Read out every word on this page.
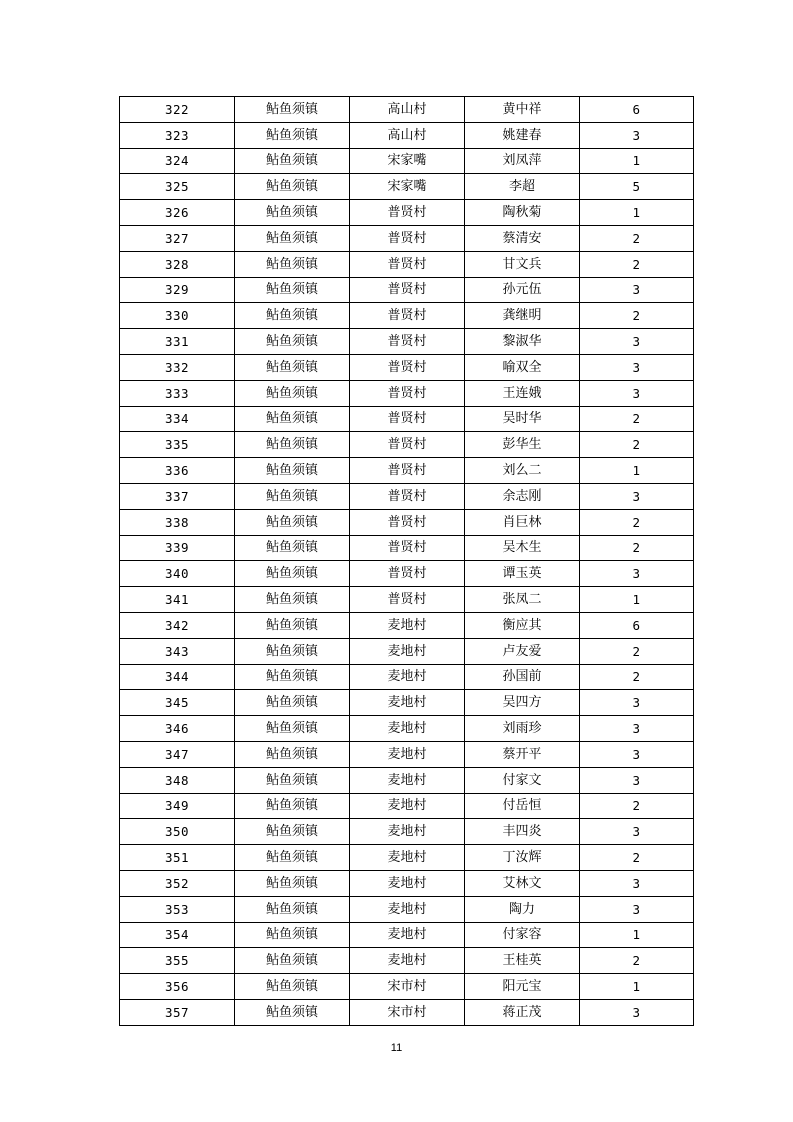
322	鲇鱼须镇	高山村	黄中祥	6
323	鲇鱼须镇	高山村	姚建春	3
324	鲇鱼须镇	宋家嘴	刘凤萍	1
325	鲇鱼须镇	宋家嘴	李超	5
326	鲇鱼须镇	普贤村	陶秋菊	1
327	鲇鱼须镇	普贤村	蔡清安	2
328	鲇鱼须镇	普贤村	甘文兵	2
329	鲇鱼须镇	普贤村	孙元伍	3
330	鲇鱼须镇	普贤村	龚继明	2
331	鲇鱼须镇	普贤村	黎淑华	3
332	鲇鱼须镇	普贤村	喻双全	3
333	鲇鱼须镇	普贤村	王连娥	3
334	鲇鱼须镇	普贤村	吴时华	2
335	鲇鱼须镇	普贤村	彭华生	2
336	鲇鱼须镇	普贤村	刘么二	1
337	鲇鱼须镇	普贤村	余志刚	3
338	鲇鱼须镇	普贤村	肖巨林	2
339	鲇鱼须镇	普贤村	吴木生	2
340	鲇鱼须镇	普贤村	谭玉英	3
341	鲇鱼须镇	普贤村	张凤二	1
342	鲇鱼须镇	麦地村	衡应其	6
343	鲇鱼须镇	麦地村	卢友爱	2
344	鲇鱼须镇	麦地村	孙国前	2
345	鲇鱼须镇	麦地村	吴四方	3
346	鲇鱼须镇	麦地村	刘雨珍	3
347	鲇鱼须镇	麦地村	蔡开平	3
348	鲇鱼须镇	麦地村	付家文	3
349	鲇鱼须镇	麦地村	付岳恒	2
350	鲇鱼须镇	麦地村	丰四炎	3
351	鲇鱼须镇	麦地村	丁汝辉	2
352	鲇鱼须镇	麦地村	艾林文	3
353	鲇鱼须镇	麦地村	陶力	3
354	鲇鱼须镇	麦地村	付家容	1
355	鲇鱼须镇	麦地村	王桂英	2
356	鲇鱼须镇	宋市村	阳元宝	1
357	鲇鱼须镇	宋市村	蒋正茂	3
11
